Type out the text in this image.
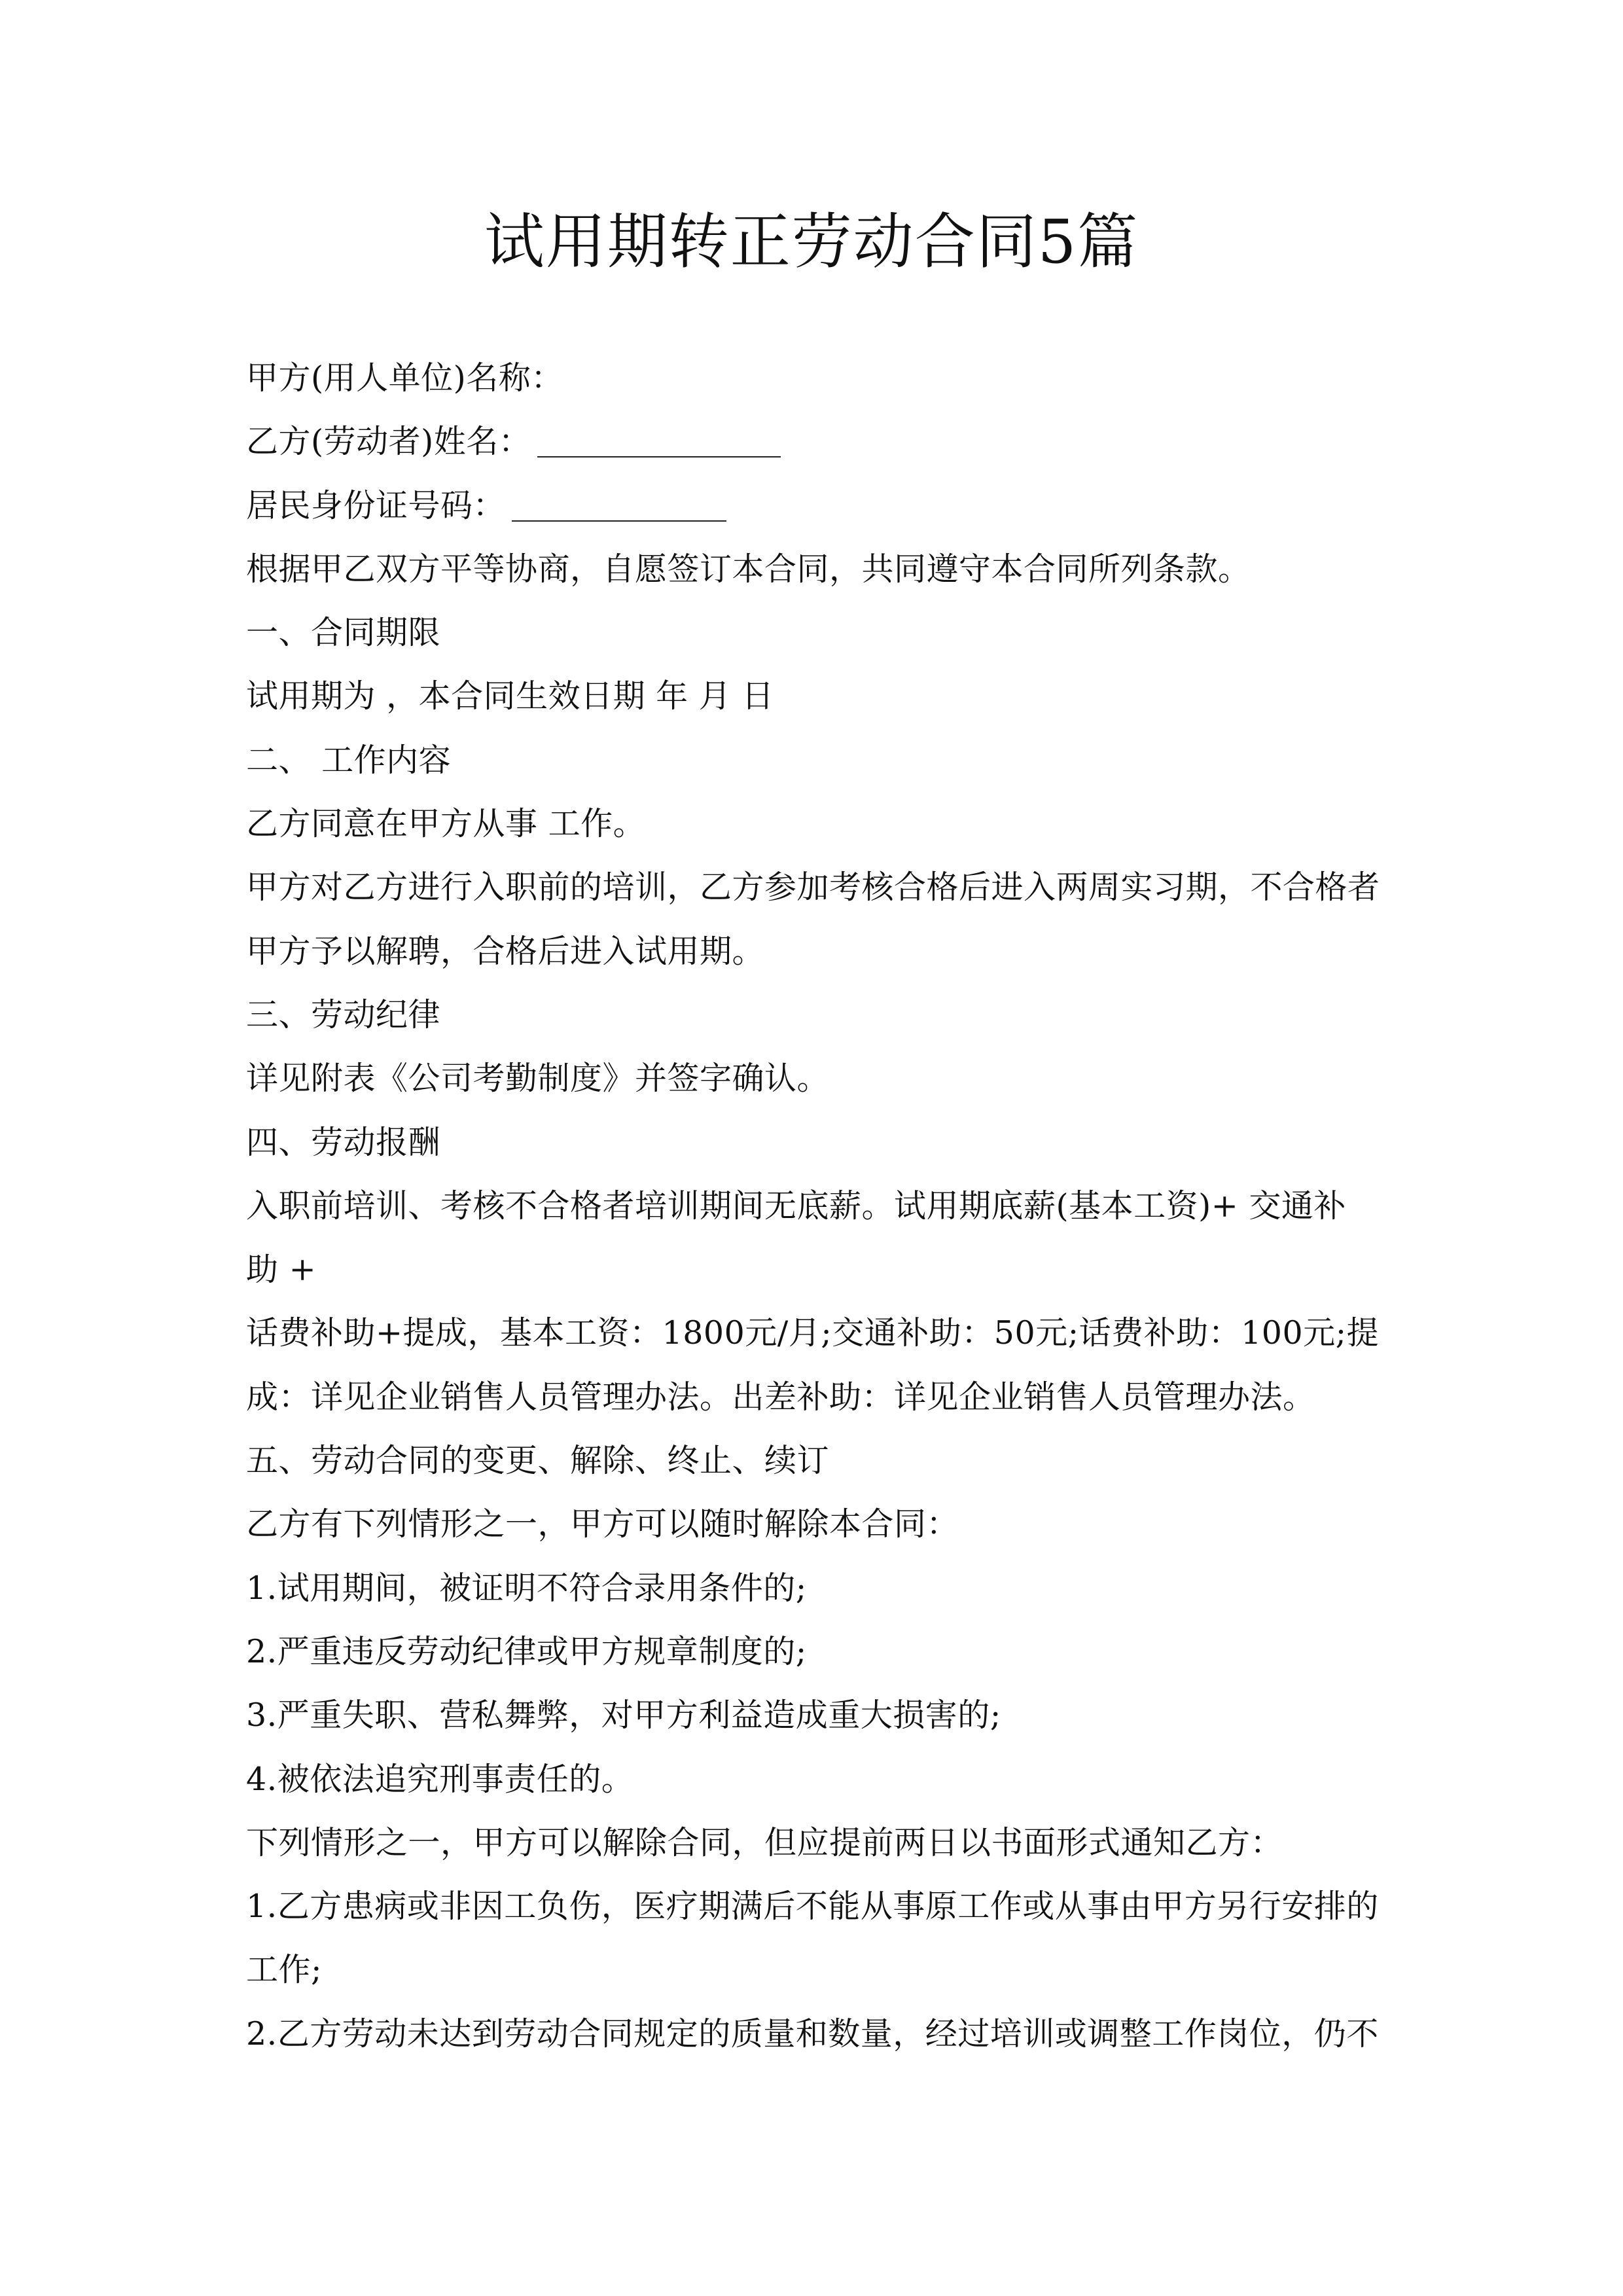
试用期转正劳动合同5篇
甲方(用人单位)名称：
乙方(劳动者)姓名：
居民身份证号码：
根据甲乙双方平等协商，自愿签订本合同，共同遵守本合同所列条款。
一、合同期限
试用期为 ，本合同生效日期 年 月 日
二、 工作内容
乙方同意在甲方从事 工作。
甲方对乙方进行入职前的培训，乙方参加考核合格后进入两周实习期，不合格者
甲方予以解聘，合格后进入试用期。
三、劳动纪律
详见附表《公司考勤制度》并签字确认。
四、劳动报酬
入职前培训、考核不合格者培训期间无底薪。试用期底薪(基本工资)+ 交通补
助 +
话费补助+提成，基本工资：1800元/月;交通补助：50元;话费补助：100元;提
成：详见企业销售人员管理办法。出差补助：详见企业销售人员管理办法。
五、劳动合同的变更、解除、终止、续订
乙方有下列情形之一，甲方可以随时解除本合同：
1.试用期间，被证明不符合录用条件的;
2.严重违反劳动纪律或甲方规章制度的;
3.严重失职、营私舞弊，对甲方利益造成重大损害的;
4.被依法追究刑事责任的。
下列情形之一，甲方可以解除合同，但应提前两日以书面形式通知乙方：
1.乙方患病或非因工负伤，医疗期满后不能从事原工作或从事由甲方另行安排的
工作;
2.乙方劳动未达到劳动合同规定的质量和数量，经过培训或调整工作岗位，仍不
